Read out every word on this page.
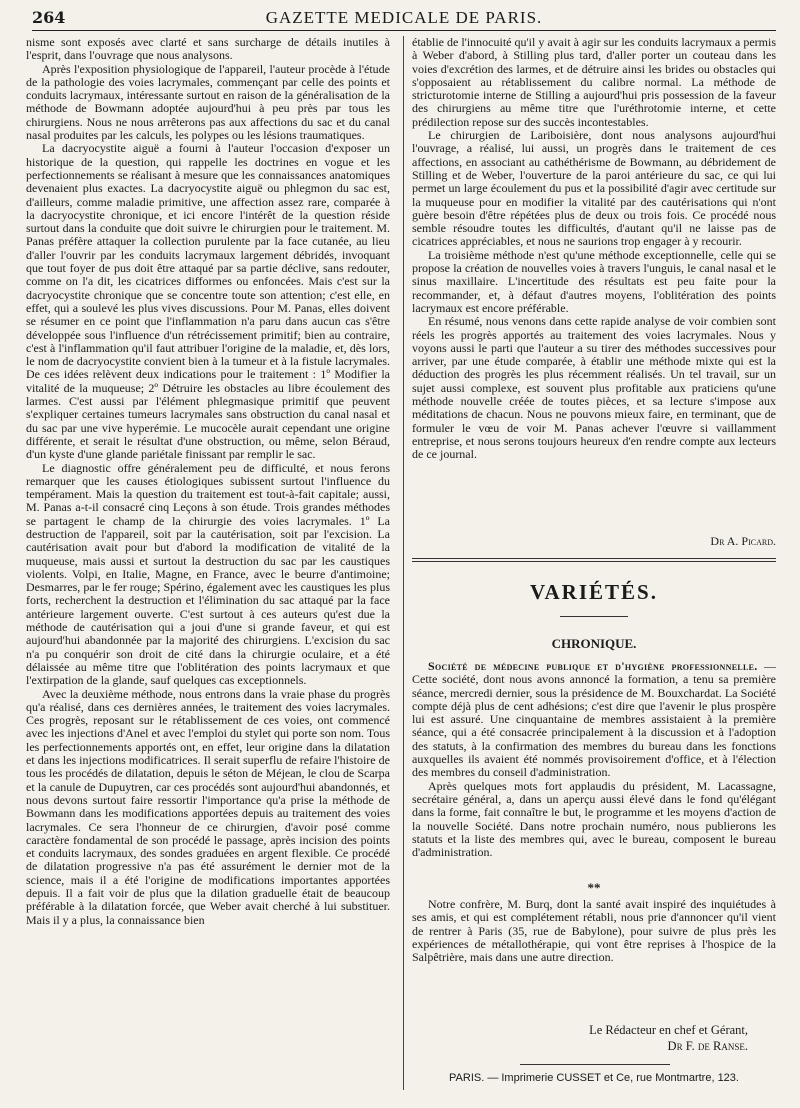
264	GAZETTE MEDICALE DE PARIS.

nisme sont exposés avec clarté et sans surcharge de détails inutiles à l'esprit, dans l'ouvrage que nous analysons.

Après l'exposition physiologique de l'appareil, l'auteur procède à l'étude de la pathologie des voies lacrymales, commençant par celle des points et conduits lacrymaux, intéressante surtout en raison de la généralisation de la méthode de Bowmann adoptée aujourd'hui à peu près par tous les chirurgiens. Nous ne nous arrêterons pas aux affections du sac et du canal nasal produites par les calculs, les polypes ou les lésions traumatiques.

La dacryocystite aiguë a fourni à l'auteur l'occasion d'exposer un historique de la question, qui rappelle les doctrines en vogue et les perfectionnements se réalisant à mesure que les connaissances anatomiques devenaient plus exactes. La dacryocystite aiguë ou phlegmon du sac est, d'ailleurs, comme maladie primitive, une affection assez rare, comparée à la dacryocystite chronique, et ici encore l'intérêt de la question réside surtout dans la conduite que doit suivre le chirurgien pour le traitement. M. Panas préfère attaquer la collection purulente par la face cutanée, au lieu d'aller l'ouvrir par les conduits lacrymaux largement débridés, invoquant que tout foyer de pus doit être attaqué par sa partie déclive, sans redouter, comme on l'a dit, les cicatrices difformes ou enfoncées. Mais c'est sur la dacryocystite chronique que se concentre toute son attention; c'est elle, en effet, qui a soulevé les plus vives discussions. Pour M. Panas, elles doivent se résumer en ce point que l'inflammation n'a paru dans aucun cas s'être développée sous l'influence d'un rétrécissement primitif; bien au contraire, c'est à l'inflammation qu'il faut attribuer l'origine de la maladie, et, dès lors, le nom de dacryocystite convient bien à la tumeur et à la fistule lacrymales. De ces idées relèvent deux indications pour le traitement : 1º Modifier la vitalité de la muqueuse; 2º Détruire les obstacles au libre écoulement des larmes. C'est aussi par l'élément phlegmasique primitif que peuvent s'expliquer certaines tumeurs lacrymales sans obstruction du canal nasal et du sac par une vive hyperémie. Le mucocèle aurait cependant une origine différente, et serait le résultat d'une obstruction, ou même, selon Béraud, d'un kyste d'une glande pariétale finissant par remplir le sac.

Le diagnostic offre généralement peu de difficulté, et nous ferons remarquer que les causes étiologiques subissent surtout l'influence du tempérament. Mais la question du traitement est tout-à-fait capitale; aussi, M. Panas a-t-il consacré cinq Leçons à son étude. Trois grandes méthodes se partagent le champ de la chirurgie des voies lacrymales. 1º La destruction de l'appareil, soit par la cautérisation, soit par l'excision. La cautérisation avait pour but d'abord la modification de vitalité de la muqueuse, mais aussi et surtout la destruction du sac par les caustiques violents. Volpi, en Italie, Magne, en France, avec le beurre d'antimoine; Desmarres, par le fer rouge; Spérino, également avec les caustiques les plus forts, recherchent la destruction et l'élimination du sac attaqué par la face antérieure largement ouverte. C'est surtout à ces auteurs qu'est due la méthode de cautérisation qui a joui d'une si grande faveur, et qui est aujourd'hui abandonnée par la majorité des chirurgiens. L'excision du sac n'a pu conquérir son droit de cité dans la chirurgie oculaire, et a été délaissée au même titre que l'oblitération des points lacrymaux et que l'extirpation de la glande, sauf quelques cas exceptionnels.

Avec la deuxième méthode, nous entrons dans la vraie phase du progrès qu'a réalisé, dans ces dernières années, le traitement des voies lacrymales. Ces progrès, reposant sur le rétablissement de ces voies, ont commencé avec les injections d'Anel et avec l'emploi du stylet qui porte son nom. Tous les perfectionnements apportés ont, en effet, leur origine dans la dilatation et dans les injections modificatrices. Il serait superflu de refaire l'histoire de tous les procédés de dilatation, depuis le séton de Méjean, le clou de Scarpa et la canule de Dupuytren, car ces procédés sont aujourd'hui abandonnés, et nous devons surtout faire ressortir l'importance qu'a prise la méthode de Bowmann dans les modifications apportées depuis au traitement des voies lacrymales. Ce sera l'honneur de ce chirurgien, d'avoir posé comme caractère fondamental de son procédé le passage, après incision des points et conduits lacrymaux, des sondes graduées en argent flexible. Ce procédé de dilatation progressive n'a pas été assurément le dernier mot de la science, mais il a été l'origine de modifications importantes apportées depuis. Il a fait voir de plus que la dilation graduelle était de beaucoup préférable à la dilatation forcée, que Weber avait cherché à lui substituer. Mais il y a plus, la connaissance bien

établie de l'innocuité qu'il y avait à agir sur les conduits lacrymaux a permis à Weber d'abord, à Stilling plus tard, d'aller porter un couteau dans les voies d'excrétion des larmes, et de détruire ainsi les brides ou obstacles qui s'opposaient au rétablissement du calibre normal. La méthode de stricturotomie interne de Stilling a aujourd'hui pris possession de la faveur des chirurgiens au même titre que l'uréthrotomie interne, et cette prédilection repose sur des succès incontestables.

Le chirurgien de Lariboisière, dont nous analysons aujourd'hui l'ouvrage, a réalisé, lui aussi, un progrès dans le traitement de ces affections, en associant au cathéthérisme de Bowmann, au débridement de Stilling et de Weber, l'ouverture de la paroi antérieure du sac, ce qui lui permet un large écoulement du pus et la possibilité d'agir avec certitude sur la muqueuse pour en modifier la vitalité par des cautérisations qui n'ont guère besoin d'être répétées plus de deux ou trois fois. Ce procédé nous semble résoudre toutes les difficultés, d'autant qu'il ne laisse pas de cicatrices appréciables, et nous ne saurions trop engager à y recourir.

La troisième méthode n'est qu'une méthode exceptionnelle, celle qui se propose la création de nouvelles voies à travers l'unguis, le canal nasal et le sinus maxillaire. L'incertitude des résultats est peu faite pour la recommander, et, à défaut d'autres moyens, l'oblitération des points lacrymaux est encore préférable.

En résumé, nous venons dans cette rapide analyse de voir combien sont réels les progrès apportés au traitement des voies lacrymales. Nous y voyons aussi le parti que l'auteur a su tirer des méthodes successives pour arriver, par une étude comparée, à établir une méthode mixte qui est la déduction des progrès les plus récemment réalisés. Un tel travail, sur un sujet aussi complexe, est souvent plus profitable aux praticiens qu'une méthode nouvelle créée de toutes pièces, et sa lecture s'impose aux méditations de chacun. Nous ne pouvons mieux faire, en terminant, que de formuler le vœu de voir M. Panas achever l'œuvre si vaillamment entreprise, et nous serons toujours heureux d'en rendre compte aux lecteurs de ce journal.

Dr A. Picard.
VARIÉTÉS.
CHRONIQUE.

Société de médecine publique et d'hygiène professionnelle. — Cette société, dont nous avons annoncé la formation, a tenu sa première séance, mercredi dernier, sous la présidence de M. Bouxchardat. La Société compte déjà plus de cent adhésions; c'est dire que l'avenir le plus prospère lui est assuré. Une cinquantaine de membres assistaient à la première séance, qui a été consacrée principalement à la discussion et à l'adoption des statuts, à la confirmation des membres du bureau dans les fonctions auxquelles ils avaient été nommés provisoirement d'office, et à l'élection des membres du conseil d'administration.

Après quelques mots fort applaudis du président, M. Lacassagne, secrétaire général, a, dans un aperçu aussi élevé dans le fond qu'élégant dans la forme, fait connaître le but, le programme et les moyens d'action de la nouvelle Société. Dans notre prochain numéro, nous publierons les statuts et la liste des membres qui, avec le bureau, composent le bureau d'administration.

**

Notre confrère, M. Burq, dont la santé avait inspiré des inquiétudes à ses amis, et qui est complétement rétabli, nous prie d'annoncer qu'il vient de rentrer à Paris (35, rue de Babylone), pour suivre de plus près les expériences de métallothérapie, qui vont être reprises à l'hospice de la Salpêtrière, mais dans une autre direction.

Le Rédacteur en chef et Gérant,
Dr F. de Ranse.
PARIS. — Imprimerie CUSSET et Ce, rue Montmartre, 123.
